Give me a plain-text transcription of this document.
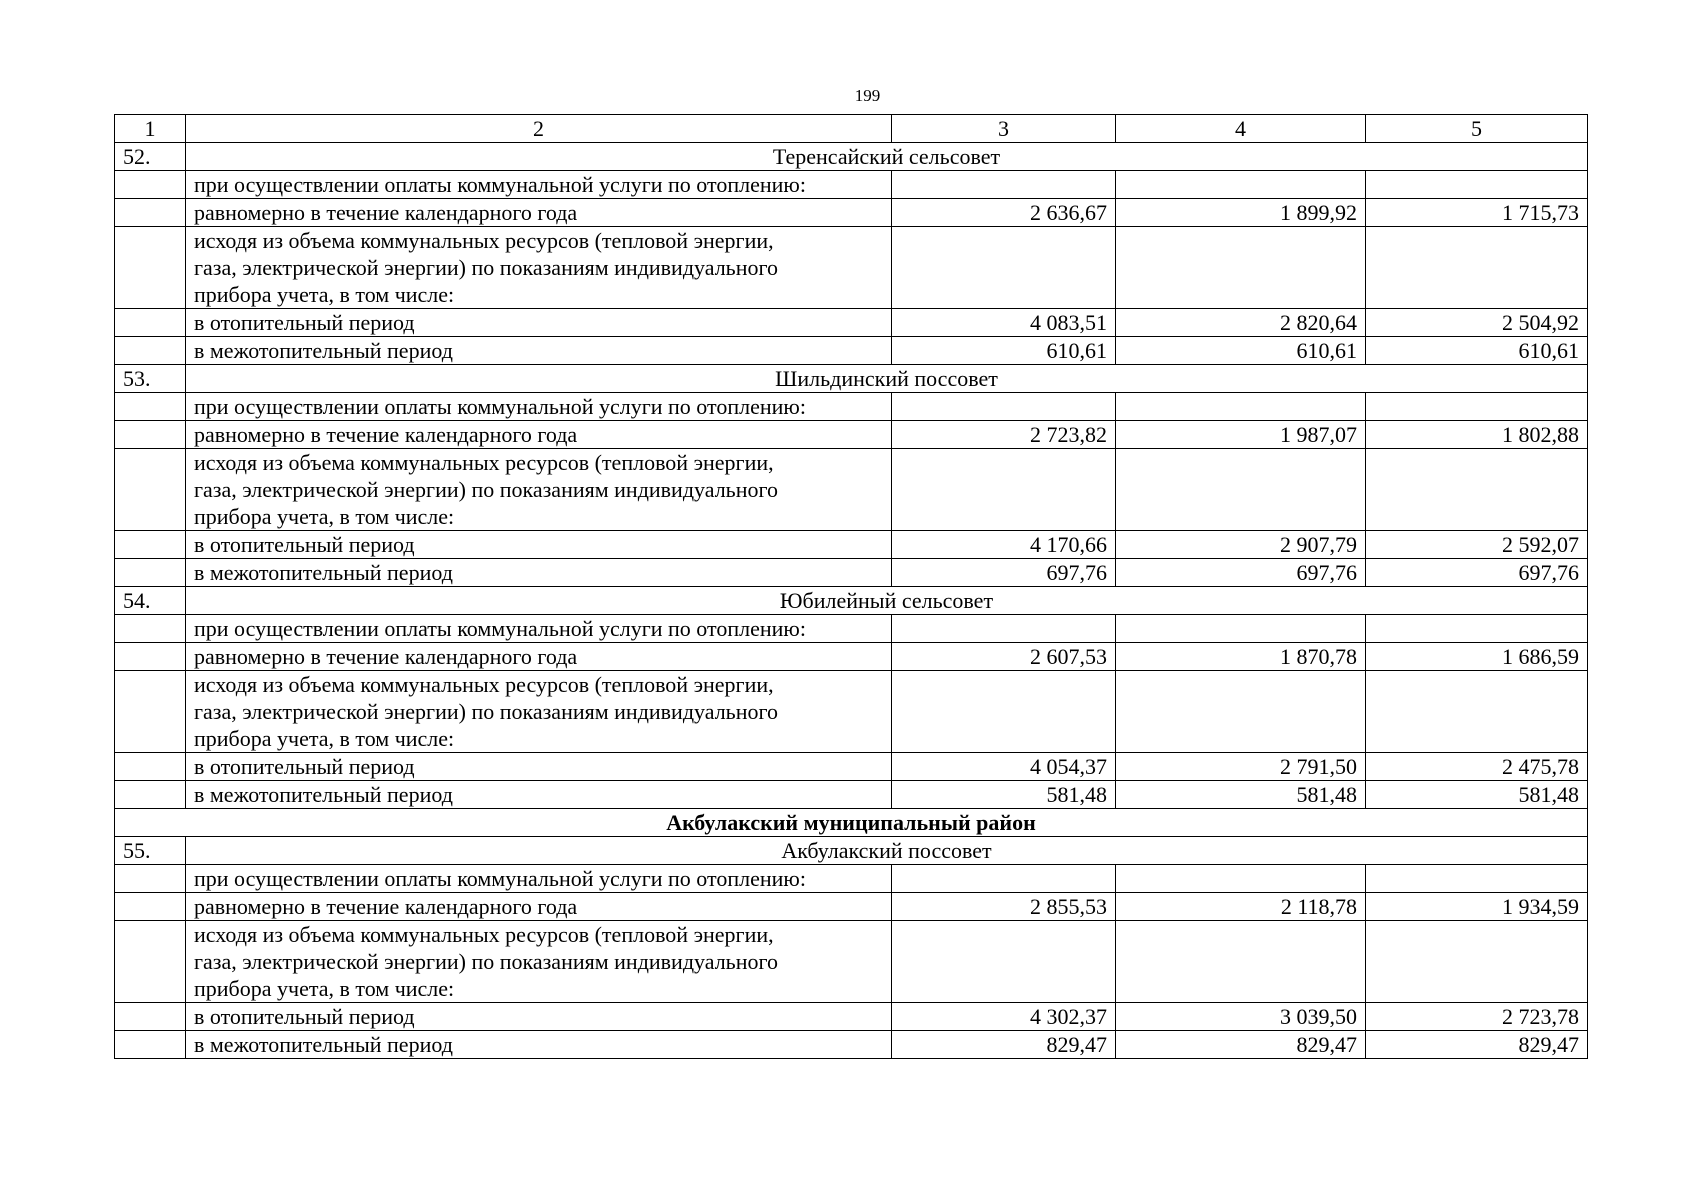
199
1	2	3	4	5
52.	Теренсайский сельсовет			
	при осуществлении оплаты коммунальной услуги по отоплению:			
	равномерно в течение календарного года	2 636,67	1 899,92	1 715,73

	исходя из объема коммунальных ресурсов (тепловой энергии,
газа, электрической энергии) по показаниям индивидуального
прибора учета, в том числе:			

	в отопительный период	4 083,51	2 820,64	2 504,92
	в межотопительный период	610,61	610,61	610,61
53.	Шильдинский поссовет			
	при осуществлении оплаты коммунальной услуги по отоплению:			
	равномерно в течение календарного года	2 723,82	1 987,07	1 802,88

	исходя из объема коммунальных ресурсов (тепловой энергии,
газа, электрической энергии) по показаниям индивидуального
прибора учета, в том числе:			

	в отопительный период	4 170,66	2 907,79	2 592,07
	в межотопительный период	697,76	697,76	697,76
54.	Юбилейный сельсовет			
	при осуществлении оплаты коммунальной услуги по отоплению:			
	равномерно в течение календарного года	2 607,53	1 870,78	1 686,59

	исходя из объема коммунальных ресурсов (тепловой энергии,
газа, электрической энергии) по показаниям индивидуального
прибора учета, в том числе:			

	в отопительный период	4 054,37	2 791,50	2 475,78
	в межотопительный период	581,48	581,48	581,48
Акбулакский муниципальный район				
55.	Акбулакский поссовет			
	при осуществлении оплаты коммунальной услуги по отоплению:			
	равномерно в течение календарного года	2 855,53	2 118,78	1 934,59

	исходя из объема коммунальных ресурсов (тепловой энергии,
газа, электрической энергии) по показаниям индивидуального
прибора учета, в том числе:			

	в отопительный период	4 302,37	3 039,50	2 723,78
	в межотопительный период	829,47	829,47	829,47
